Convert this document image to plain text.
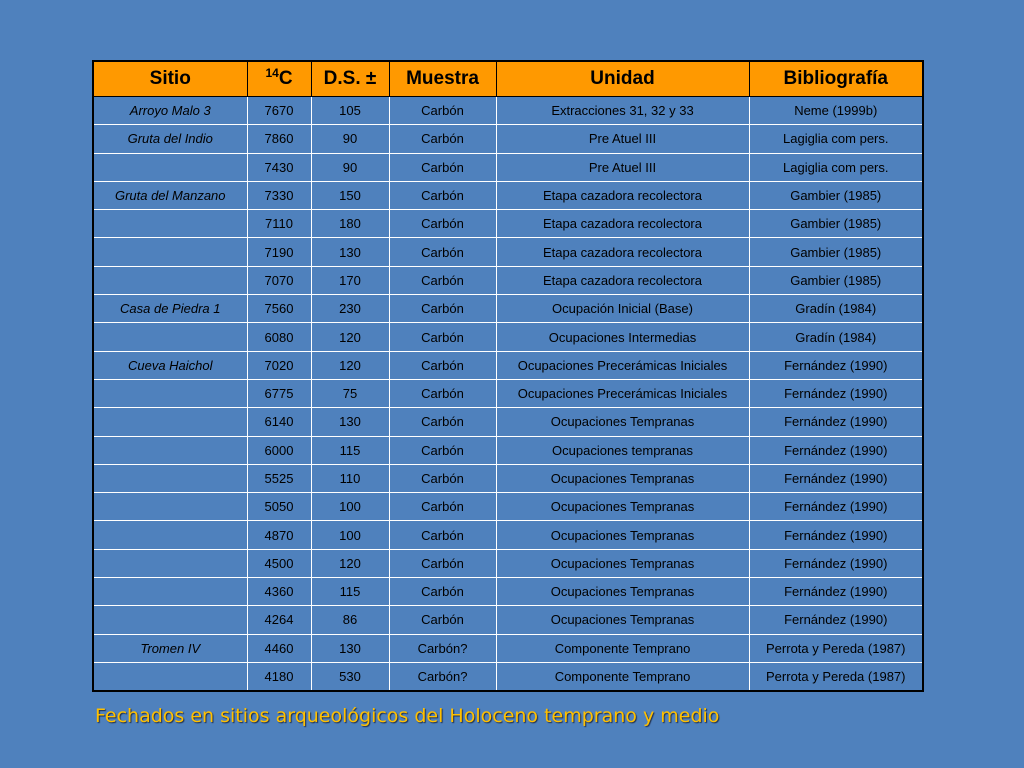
Sitio	$^{14}$C	D.S. ±	Muestra	Unidad	Bibliografía
Arroyo Malo 3	7670	105	Carbón	Extracciones 31, 32 y 33	Neme (1999b)
Gruta del Indio	7860	90	Carbón	Pre Atuel III	Lagiglia com pers.
	7430	90	Carbón	Pre Atuel III	Lagiglia com pers.
Gruta del Manzano	7330	150	Carbón	Etapa cazadora recolectora	Gambier (1985)
	7110	180	Carbón	Etapa cazadora recolectora	Gambier (1985)
	7190	130	Carbón	Etapa cazadora recolectora	Gambier (1985)
	7070	170	Carbón	Etapa cazadora recolectora	Gambier (1985)
Casa de Piedra 1	7560	230	Carbón	Ocupación Inicial (Base)	Gradín (1984)
	6080	120	Carbón	Ocupaciones Intermedias	Gradín (1984)
Cueva Haichol	7020	120	Carbón	Ocupaciones Precerámicas Iniciales	Fernández (1990)
	6775	75	Carbón	Ocupaciones Precerámicas Iniciales	Fernández (1990)
	6140	130	Carbón	Ocupaciones Tempranas	Fernández (1990)
	6000	115	Carbón	Ocupaciones tempranas	Fernández (1990)
	5525	110	Carbón	Ocupaciones Tempranas	Fernández (1990)
	5050	100	Carbón	Ocupaciones Tempranas	Fernández (1990)
	4870	100	Carbón	Ocupaciones Tempranas	Fernández (1990)
	4500	120	Carbón	Ocupaciones Tempranas	Fernández (1990)
	4360	115	Carbón	Ocupaciones Tempranas	Fernández (1990)
	4264	86	Carbón	Ocupaciones Tempranas	Fernández (1990)
Tromen IV	4460	130	Carbón?	Componente Temprano	Perrota y Pereda (1987)
	4180	530	Carbón?	Componente Temprano	Perrota y Pereda (1987)
Fechados en sitios arqueológicos del Holoceno temprano y medio
